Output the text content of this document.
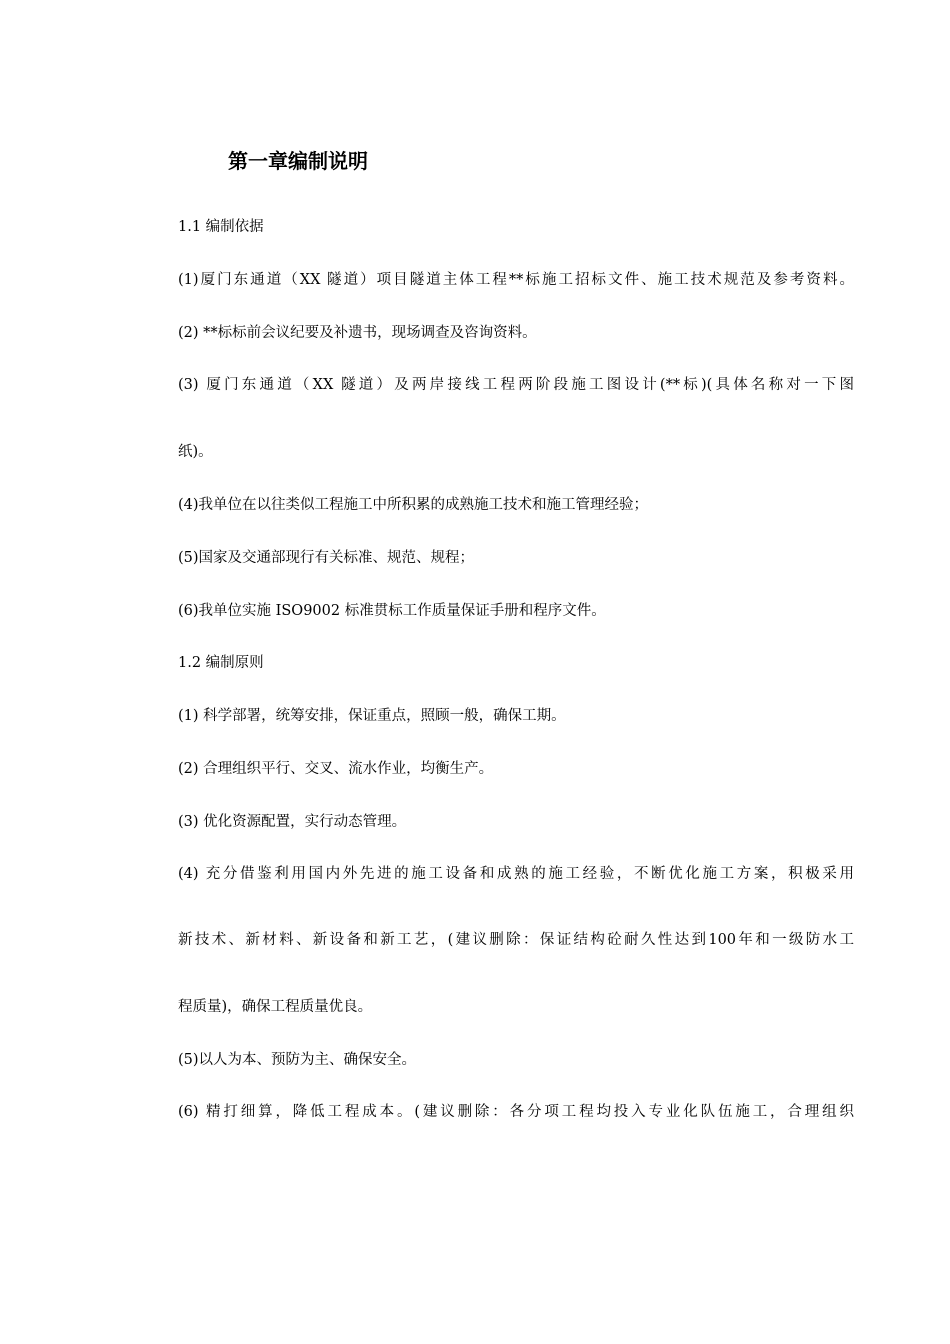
第一章编制说明
1.1 编制依据
(1)厦门东通道（XX 隧道）项目隧道主体工程**标施工招标文件、施工技术规范及参考资料。
(2) **标标前会议纪要及补遗书，现场调查及咨询资料。
(3) 厦门东通道（XX 隧道）及两岸接线工程两阶段施工图设计(**标)(具体名称对一下图
纸)。
(4)我单位在以往类似工程施工中所积累的成熟施工技术和施工管理经验；
(5)国家及交通部现行有关标准、规范、规程；
(6)我单位实施 ISO9002 标准贯标工作质量保证手册和程序文件。
1.2 编制原则
(1) 科学部署，统筹安排，保证重点，照顾一般，确保工期。
(2) 合理组织平行、交叉、流水作业，均衡生产。
(3) 优化资源配置，实行动态管理。
(4) 充分借鉴利用国内外先进的施工设备和成熟的施工经验，不断优化施工方案，积极采用
新技术、新材料、新设备和新工艺，(建议删除：保证结构砼耐久性达到100年和一级防水工
程质量)，确保工程质量优良。
(5)以人为本、预防为主、确保安全。
(6) 精打细算，降低工程成本。(建议删除：各分项工程均投入专业化队伍施工，合理组织
